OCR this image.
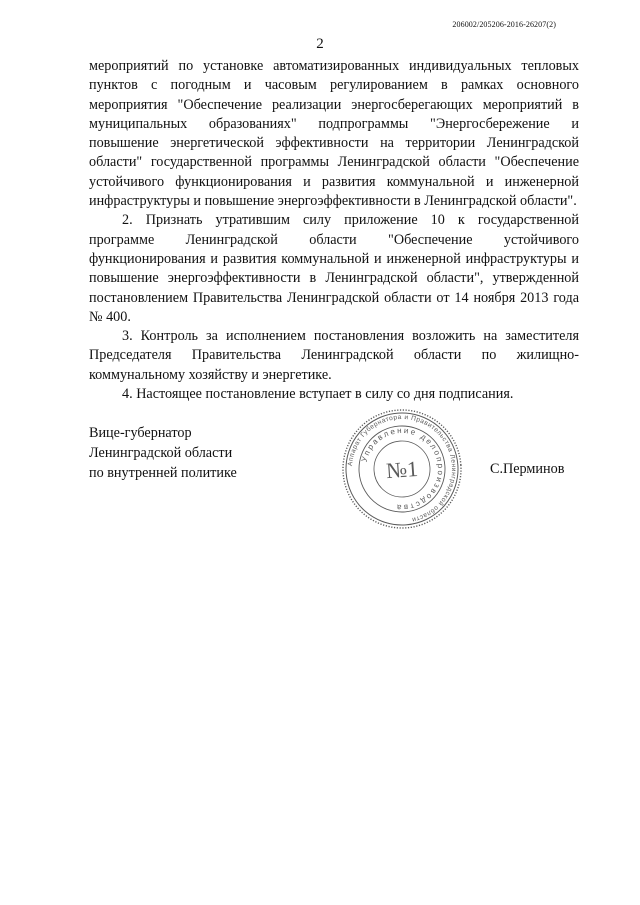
206002/205206-2016-26207(2)
2

мероприятий по установке автоматизированных индивидуальных тепловых пунктов с погодным и часовым регулированием в рамках основного мероприятия "Обеспечение реализации энергосберегающих мероприятий в муниципальных образованиях" подпрограммы "Энергосбережение и повышение энергетической эффективности на территории Ленинградской области" государственной программы Ленинградской области "Обеспечение устойчивого функционирования и развития коммунальной и инженерной инфраструктуры и повышение энергоэффективности в Ленинградской области".

2. Признать утратившим силу приложение 10 к государственной программе Ленинградской области "Обеспечение устойчивого функционирования и развития коммунальной и инженерной инфраструктуры и повышение энергоэффективности в Ленинградской области", утвержденной постановлением Правительства Ленинградской области от 14 ноября 2013 года № 400.

3. Контроль за исполнением постановления возложить на заместителя Председателя Правительства Ленинградской области по жилищно-коммунальному хозяйству и энергетике.

4. Настоящее постановление вступает в силу со дня подписания.

Вице-губернатор
Ленинградской области
по внутренней политике
Аппарат Губернатора и Правительства Ленинградской области
Управление делопроизводства
№1	С.Перминов
